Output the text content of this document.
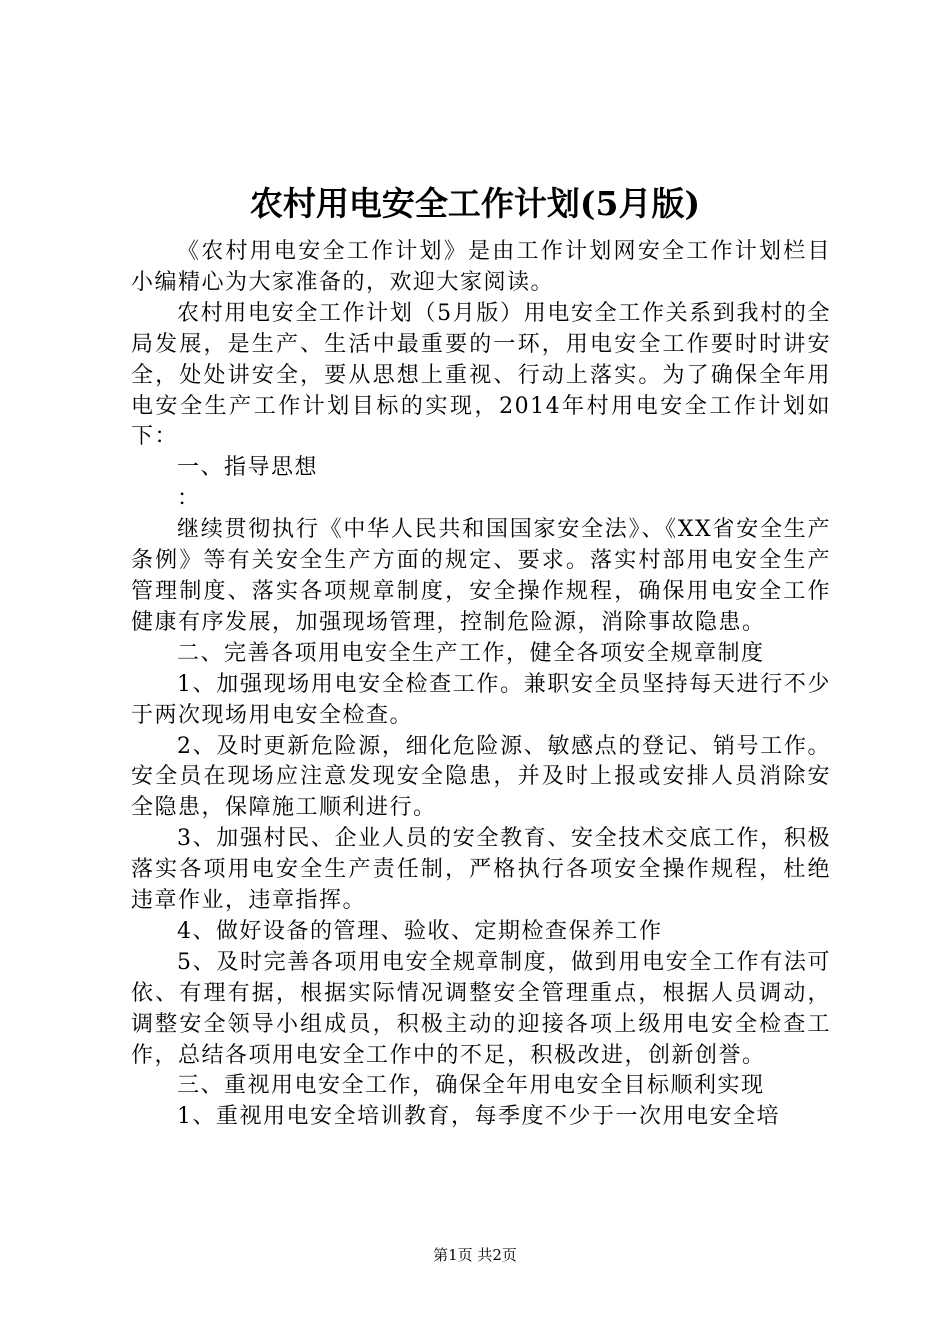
农村用电安全工作计划(5月版)

《农村用电安全工作计划》是由工作计划网安全工作计划栏目小编精心为大家准备的，欢迎大家阅读。

农村用电安全工作计划（5月版）用电安全工作关系到我村的全局发展，是生产、生活中最重要的一环，用电安全工作要时时讲安全，处处讲安全，要从思想上重视、行动上落实。为了确保全年用电安全生产工作计划目标的实现，2014年村用电安全工作计划如下：

一、指导思想

：

继续贯彻执行《中华人民共和国国家安全法》、《XX省安全生产条例》等有关安全生产方面的规定、要求。落实村部用电安全生产管理制度、落实各项规章制度，安全操作规程，确保用电安全工作健康有序发展，加强现场管理，控制危险源，消除事故隐患。

二、完善各项用电安全生产工作，健全各项安全规章制度

1、加强现场用电安全检查工作。兼职安全员坚持每天进行不少于两次现场用电安全检查。

2、及时更新危险源，细化危险源、敏感点的登记、销号工作。安全员在现场应注意发现安全隐患，并及时上报或安排人员消除安全隐患，保障施工顺利进行。

3、加强村民、企业人员的安全教育、安全技术交底工作，积极落实各项用电安全生产责任制，严格执行各项安全操作规程，杜绝违章作业，违章指挥。

4、做好设备的管理、验收、定期检查保养工作

5、及时完善各项用电安全规章制度，做到用电安全工作有法可依、有理有据，根据实际情况调整安全管理重点，根据人员调动，调整安全领导小组成员，积极主动的迎接各项上级用电安全检查工作，总结各项用电安全工作中的不足，积极改进，创新创誉。

三、重视用电安全工作，确保全年用电安全目标顺利实现

1、重视用电安全培训教育，每季度不少于一次用电安全培

第1页 共2页
